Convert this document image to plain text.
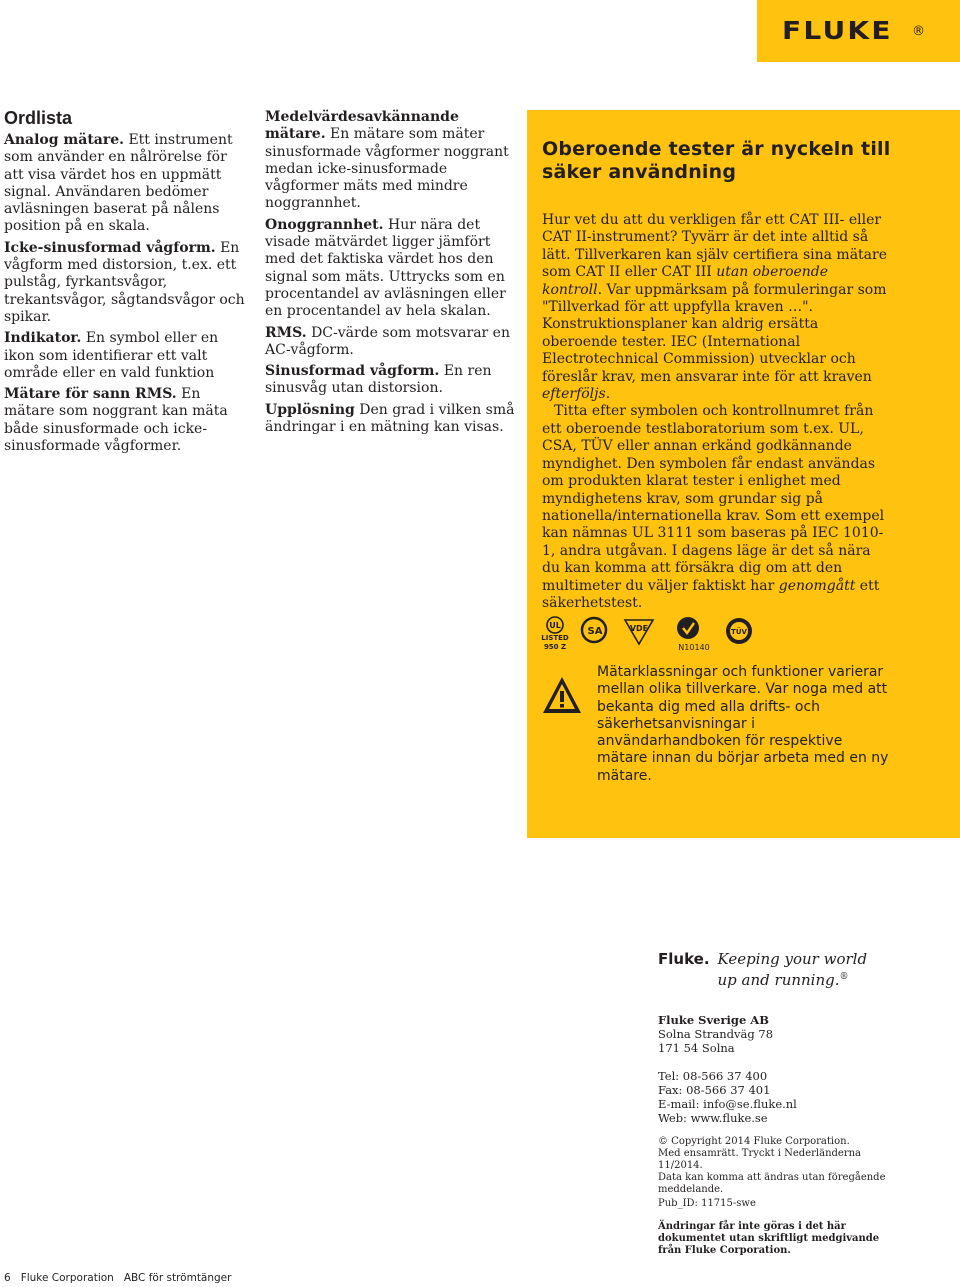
FLUKE ®
Ordlista

Analog mätare. Ett instrument som använder en nålrörelse för att visa värdet hos en uppmätt signal. Användaren bedömer avläsningen baserat på nålens position på en skala.

Icke-sinusformad vågform. En vågform med distorsion, t.ex. ett pulståg, fyrkantsvågor, trekantsvågor, sågtandsvågor och spikar.

Indikator. En symbol eller en ikon som identifierar ett valt område eller en vald funktion

Mätare för sann RMS. En mätare som noggrant kan mäta både sinusformade och icke-sinusformade vågformer.

Medelvärdesavkännande mätare. En mätare som mäter sinusformade vågformer noggrant medan icke-sinusformade vågformer mäts med mindre noggrannhet.

Onoggrannhet. Hur nära det visade mätvärdet ligger jämfört med det faktiska värdet hos den signal som mäts. Uttrycks som en procentandel av avläsningen eller en procentandel av hela skalan.

RMS. DC-värde som motsvarar en AC-vågform.

Sinusformad vågform. En ren sinusvåg utan distorsion.

Upplösning Den grad i vilken små ändringar i en mätning kan visas.

Oberoende tester är nyckeln till säker användning

Hur vet du att du verkligen får ett CAT III- eller CAT II-instrument? Tyvärr är det inte alltid så lätt. Tillverkaren kan själv certifiera sina mätare som CAT II eller CAT III utan oberoende kontroll. Var uppmärksam på formuleringar som "Tillverkad för att uppfylla kraven …". Konstruktionsplaner kan aldrig ersätta oberoende tester. IEC (International Electrotechnical Commission) utvecklar och föreslår krav, men ansvarar inte för att kraven efterföljs.

Titta efter symbolen och kontrollnumret från ett oberoende testlaboratorium som t.ex. UL, CSA, TÜV eller annan erkänd godkännande myndighet. Den symbolen får endast användas om produkten klarat tester i enlighet med myndighetens krav, som grundar sig på nationella/internationella krav. Som ett exempel kan nämnas UL 3111 som baseras på IEC 1010-1, andra utgåvan. I dagens läge är det så nära du kan komma att försäkra dig om att den multimeter du väljer faktiskt har genomgått ett säkerhetstest.

UL
LISTED
950 Z
SA	VDE
N10140
TÜV
Mätarklassningar och funktioner varierar mellan olika tillverkare. Var noga med att bekanta dig med alla drifts- och säkerhetsanvisningar i användarhandboken för respektive mätare innan du börjar arbeta med en ny mätare.
Fluke. Keeping your world
up and running.®

Fluke Sverige AB

Solna Strandväg 78

171 54 Solna

Tel: 08-566 37 400

Fax: 08-566 37 401

E-mail: info@se.fluke.nl

Web: www.fluke.se

© Copyright 2014 Fluke Corporation.

Med ensamrätt. Tryckt i Nederländerna 11/2014.

Data kan komma att ändras utan föregående meddelande.

Pub_ID: 11715-swe
Ändringar får inte göras i det här dokumentet utan skriftligt medgivande från Fluke Corporation.
6 Fluke Corporation ABC för strömtänger
